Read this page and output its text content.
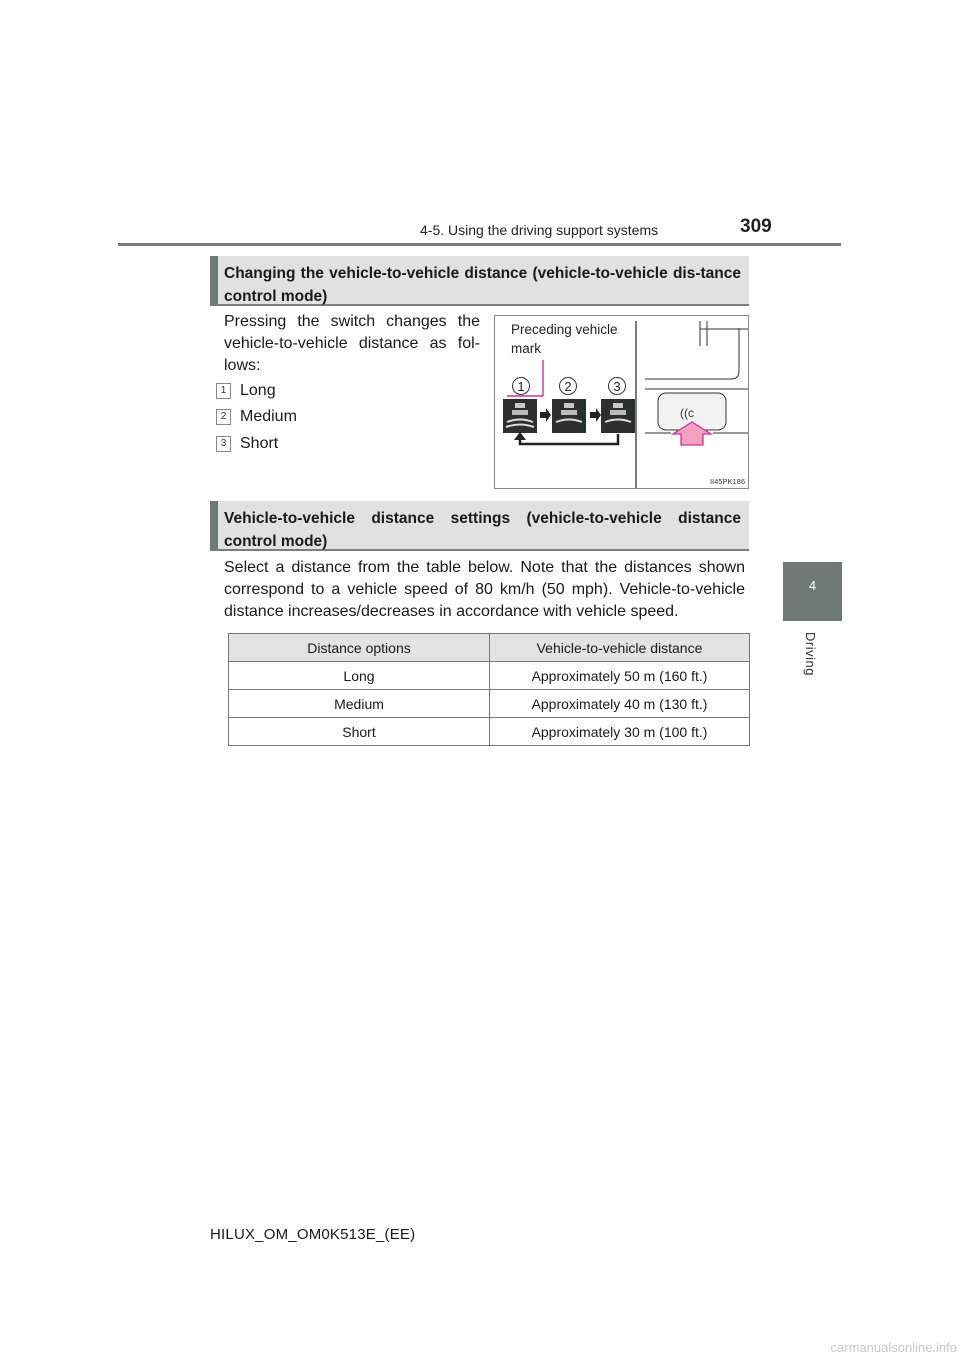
4-5. Using the driving support systems	309
4
Driving
Changing the vehicle-to-vehicle distance (vehicle-to-vehicle dis-tance control mode)
Pressing the switch changes the vehicle-to-vehicle distance as fol-lows:
1 Long
2 Medium
3 Short
Preceding vehicle
mark
1	2	3
((c
II45PK186
Vehicle-to-vehicle distance settings (vehicle-to-vehicle distance control mode)
Select a distance from the table below. Note that the distances shown correspond to a vehicle speed of 80 km/h (50 mph). Vehicle-to-vehicle distance increases/decreases in accordance with vehicle speed.
Distance options	Vehicle-to-vehicle distance
Long	Approximately 50 m (160 ft.)
Medium	Approximately 40 m (130 ft.)
Short	Approximately 30 m (100 ft.)
HILUX_OM_OM0K513E_(EE)
carmanualsonline.info
